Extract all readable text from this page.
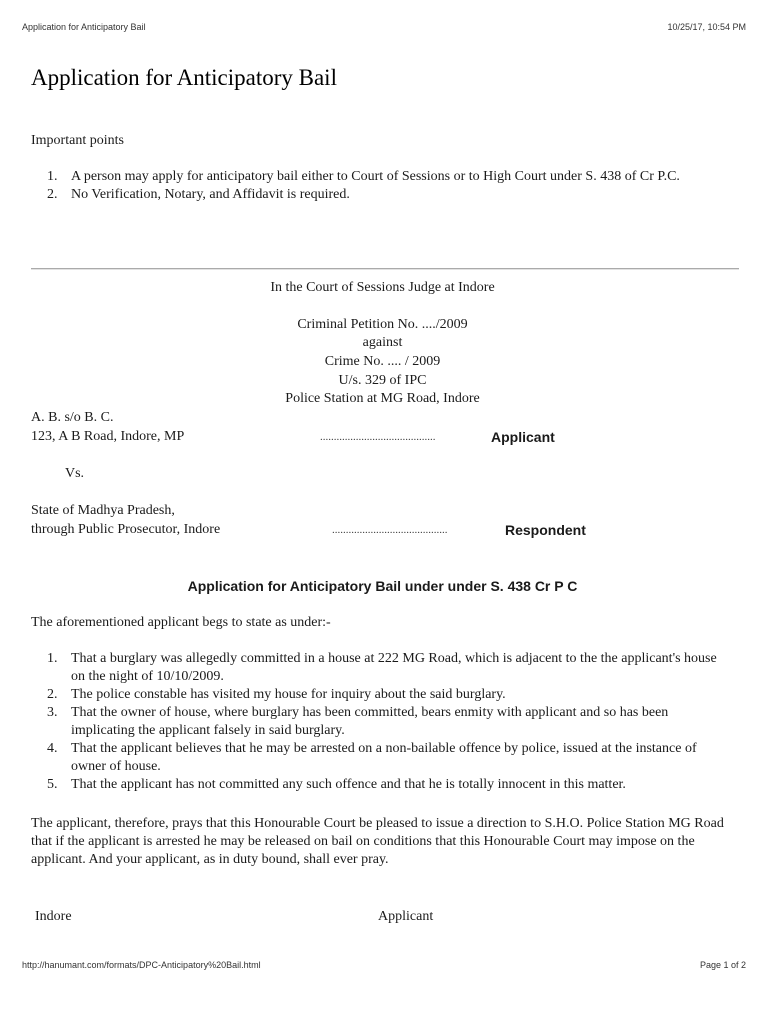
Application for Anticipatory Bail	10/25/17, 10:54 PM
http://hanumant.com/formats/DPC-Anticipatory%20Bail.html	Page 1 of 2
Application for Anticipatory Bail
Important points
1. A person may apply for anticipatory bail either to Court of Sessions or to High Court under S. 438 of Cr P.C.
2. No Verification, Notary, and Affidavit is required.
In the Court of Sessions Judge at Indore
Criminal Petition No. ..../2009
against
Crime No. .... / 2009
U/s. 329 of IPC
Police Station at MG Road, Indore
A. B. s/o B. C.
123, A B Road, Indore, MP	..........................................	Applicant
Vs.
State of Madhya Pradesh,
through Public Prosecutor, Indore	..........................................	Respondent
Application for Anticipatory Bail under under S. 438 Cr P C
The aforementioned applicant begs to state as under:-
1. That a burglary was allegedly committed in a house at 222 MG Road, which is adjacent to the the applicant's house on the night of 10/10/2009.
2. The police constable has visited my house for inquiry about the said burglary.
3. That the owner of house, where burglary has been committed, bears enmity with applicant and so has been implicating the applicant falsely in said burglary.
4. That the applicant believes that he may be arrested on a non-bailable offence by police, issued at the instance of owner of house.
5. That the applicant has not committed any such offence and that he is totally innocent in this matter.
The applicant, therefore, prays that this Honourable Court be pleased to issue a direction to S.H.O. Police Station MG Road that if the applicant is arrested he may be released on bail on conditions that this Honourable Court may impose on the applicant. And your applicant, as in duty bound, shall ever pray.
Indore	Applicant
